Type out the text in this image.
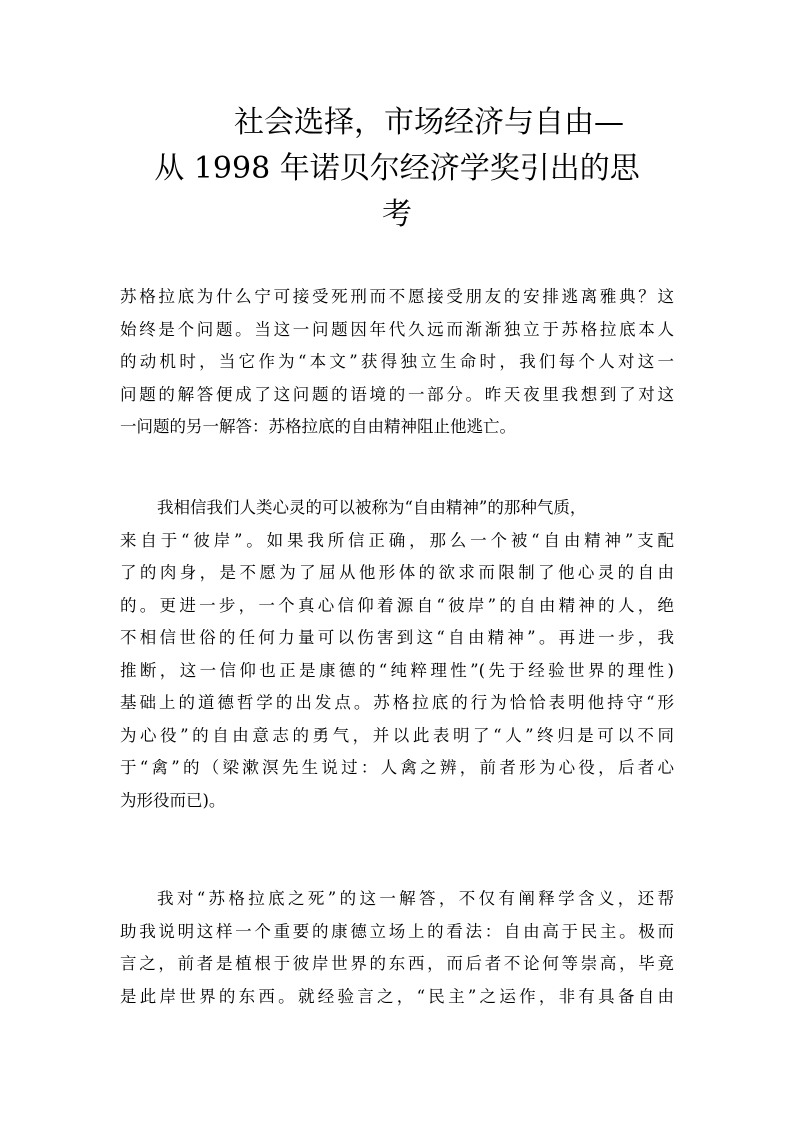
社会选择，市场经济与自由—
从 1998 年诺贝尔经济学奖引出的思
考
苏格拉底为什么宁可接受死刑而不愿接受朋友的安排逃离雅典？这
始终是个问题。当这一问题因年代久远而渐渐独立于苏格拉底本人
的动机时，当它作为“本文”获得独立生命时，我们每个人对这一
问题的解答便成了这问题的语境的一部分。昨天夜里我想到了对这
一问题的另一解答：苏格拉底的自由精神阻止他逃亡。
我相信我们人类心灵的可以被称为“自由精神”的那种气质，
来自于“彼岸”。如果我所信正确，那么一个被“自由精神”支配
了的肉身，是不愿为了屈从他形体的欲求而限制了他心灵的自由
的。更进一步，一个真心信仰着源自“彼岸”的自由精神的人，绝
不相信世俗的任何力量可以伤害到这“自由精神”。再进一步，我
推断，这一信仰也正是康德的“纯粹理性”(先于经验世界的理性)
基础上的道德哲学的出发点。苏格拉底的行为恰恰表明他持守“形
为心役”的自由意志的勇气，并以此表明了“人”终归是可以不同
于“禽”的（梁漱溟先生说过：人禽之辨，前者形为心役，后者心
为形役而已)。
我对“苏格拉底之死”的这一解答，不仅有阐释学含义，还帮
助我说明这样一个重要的康德立场上的看法：自由高于民主。极而
言之，前者是植根于彼岸世界的东西，而后者不论何等崇高，毕竟
是此岸世界的东西。就经验言之，“民主”之运作，非有具备自由
